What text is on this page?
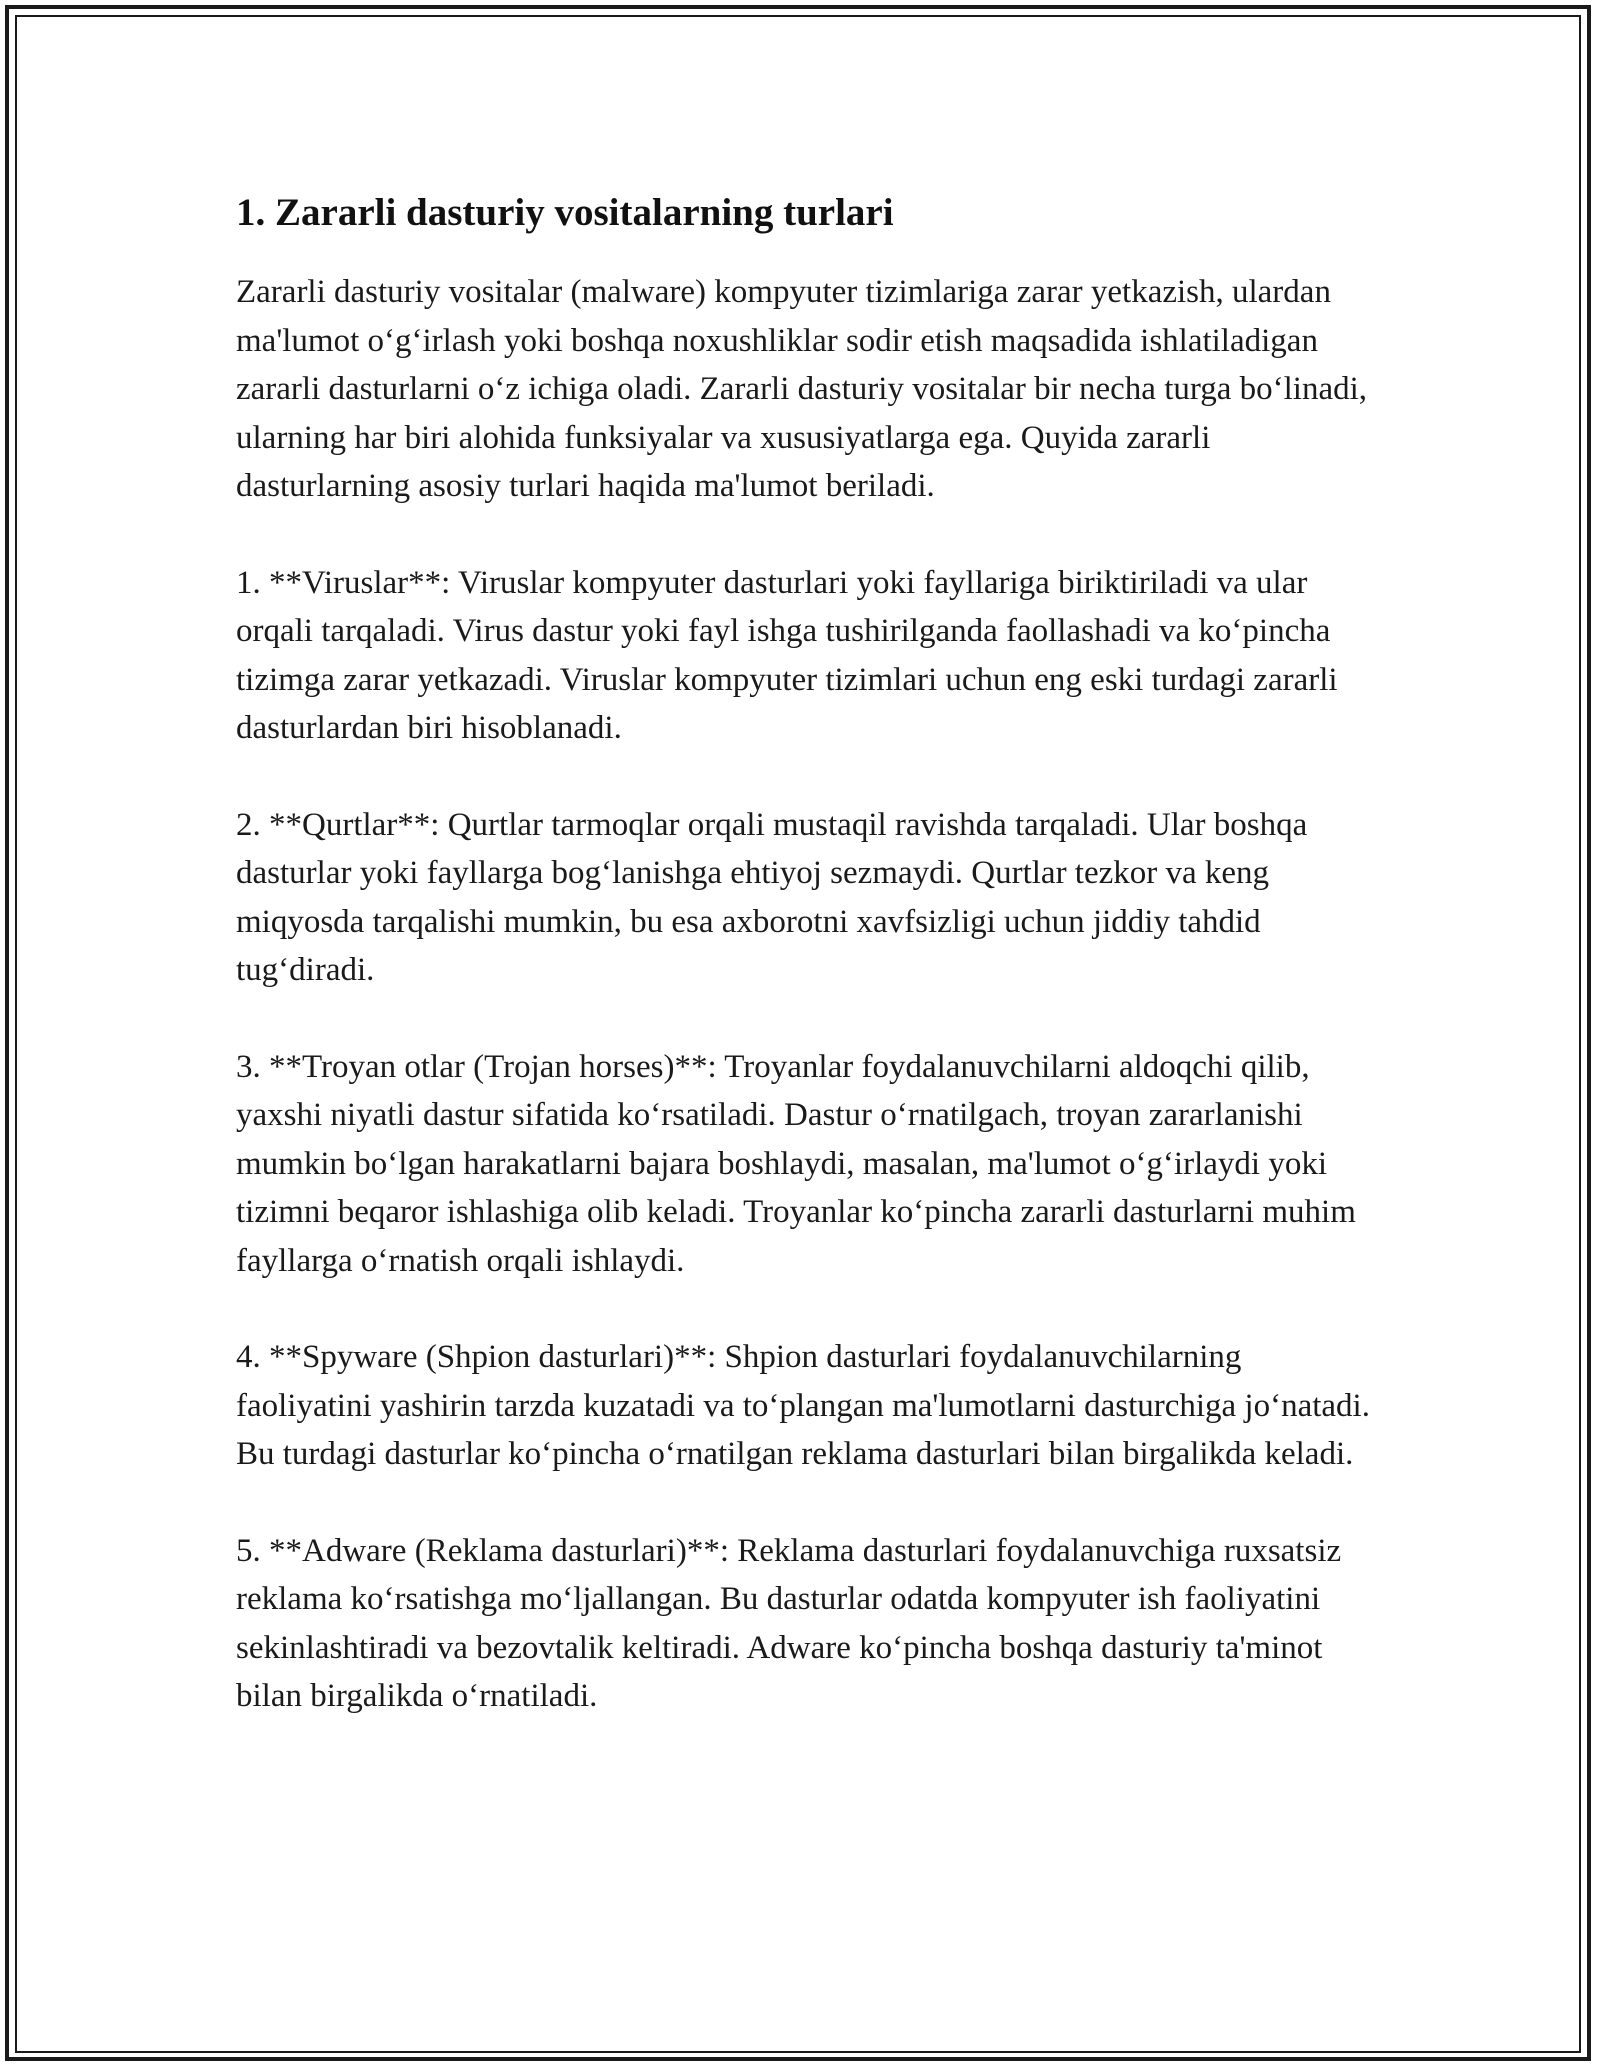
1. Zararli dasturiy vositalarning turlari

Zararli dasturiy vositalar (malware) kompyuter tizimlariga zarar yetkazish, ulardan ma'lumot o‘g‘irlash yoki boshqa noxushliklar sodir etish maqsadida ishlatiladigan zararli dasturlarni o‘z ichiga oladi. Zararli dasturiy vositalar bir necha turga bo‘linadi, ularning har biri alohida funksiyalar va xususiyatlarga ega. Quyida zararli dasturlarning asosiy turlari haqida ma'lumot beriladi.

1. **Viruslar**: Viruslar kompyuter dasturlari yoki fayllariga biriktiriladi va ular orqali tarqaladi. Virus dastur yoki fayl ishga tushirilganda faollashadi va ko‘pincha tizimga zarar yetkazadi. Viruslar kompyuter tizimlari uchun eng eski turdagi zararli dasturlardan biri hisoblanadi.

2. **Qurtlar**: Qurtlar tarmoqlar orqali mustaqil ravishda tarqaladi. Ular boshqa dasturlar yoki fayllarga bog‘lanishga ehtiyoj sezmaydi. Qurtlar tezkor va keng miqyosda tarqalishi mumkin, bu esa axborotni xavfsizligi uchun jiddiy tahdid tug‘diradi.

3. **Troyan otlar (Trojan horses)**: Troyanlar foydalanuvchilarni aldoqchi qilib, yaxshi niyatli dastur sifatida ko‘rsatiladi. Dastur o‘rnatilgach, troyan zararlanishi mumkin bo‘lgan harakatlarni bajara boshlaydi, masalan, ma'lumot o‘g‘irlaydi yoki tizimni beqaror ishlashiga olib keladi. Troyanlar ko‘pincha zararli dasturlarni muhim fayllarga o‘rnatish orqali ishlaydi.

4. **Spyware (Shpion dasturlari)**: Shpion dasturlari foydalanuvchilarning faoliyatini yashirin tarzda kuzatadi va to‘plangan ma'lumotlarni dasturchiga jo‘natadi. Bu turdagi dasturlar ko‘pincha o‘rnatilgan reklama dasturlari bilan birgalikda keladi.

5. **Adware (Reklama dasturlari)**: Reklama dasturlari foydalanuvchiga ruxsatsiz reklama ko‘rsatishga mo‘ljallangan. Bu dasturlar odatda kompyuter ish faoliyatini sekinlashtiradi va bezovtalik keltiradi. Adware ko‘pincha boshqa dasturiy ta'minot bilan birgalikda o‘rnatiladi.
